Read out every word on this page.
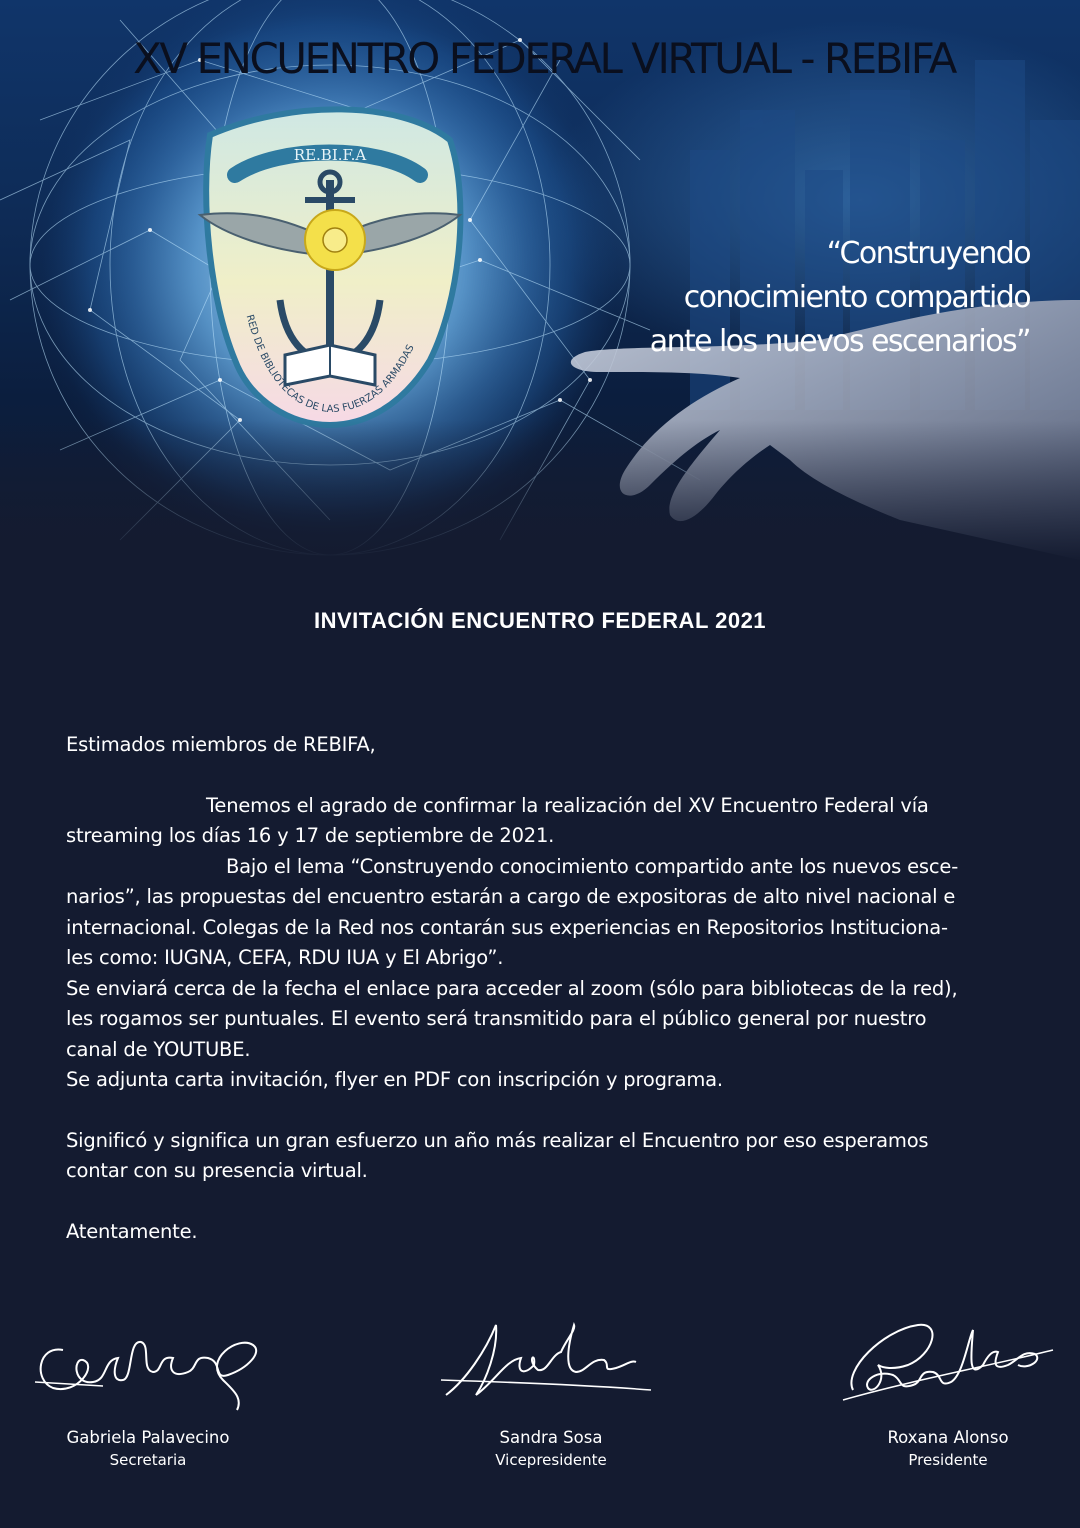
RE.BI.F.A
RED DE BIBLIOTECAS DE LAS FUERZAS ARMADAS
XV ENCUENTRO FEDERAL VIRTUAL - REBIFA
“Construyendo
conocimiento compartido
ante los nuevos escenarios”
INVITACIÓN ENCUENTRO FEDERAL 2021

Estimados miembros de REBIFA,

Tenemos el agrado de confirmar la realización del XV Encuentro Federal vía
streaming los días 16 y 17 de septiembre de 2021.

Bajo el lema “Construyendo conocimiento compartido ante los nuevos esce-
narios”, las propuestas del encuentro estarán a cargo de expositoras de alto nivel nacional e
internacional. Colegas de la Red nos contarán sus experiencias en Repositorios Instituciona-
les como: IUGNA, CEFA, RDU IUA y El Abrigo”.
Se enviará cerca de la fecha el enlace para acceder al zoom (sólo para bibliotecas de la red),
les rogamos ser puntuales. El evento será transmitido para el público general por nuestro
canal de YOUTUBE.
Se adjunta carta invitación, flyer en PDF con inscripción y programa.

Significó y significa un gran esfuerzo un año más realizar el Encuentro por eso esperamos
contar con su presencia virtual.

Atentamente.

Gabriela Palavecino
Secretaria
Sandra Sosa
Vicepresidente
Roxana Alonso
Presidente
